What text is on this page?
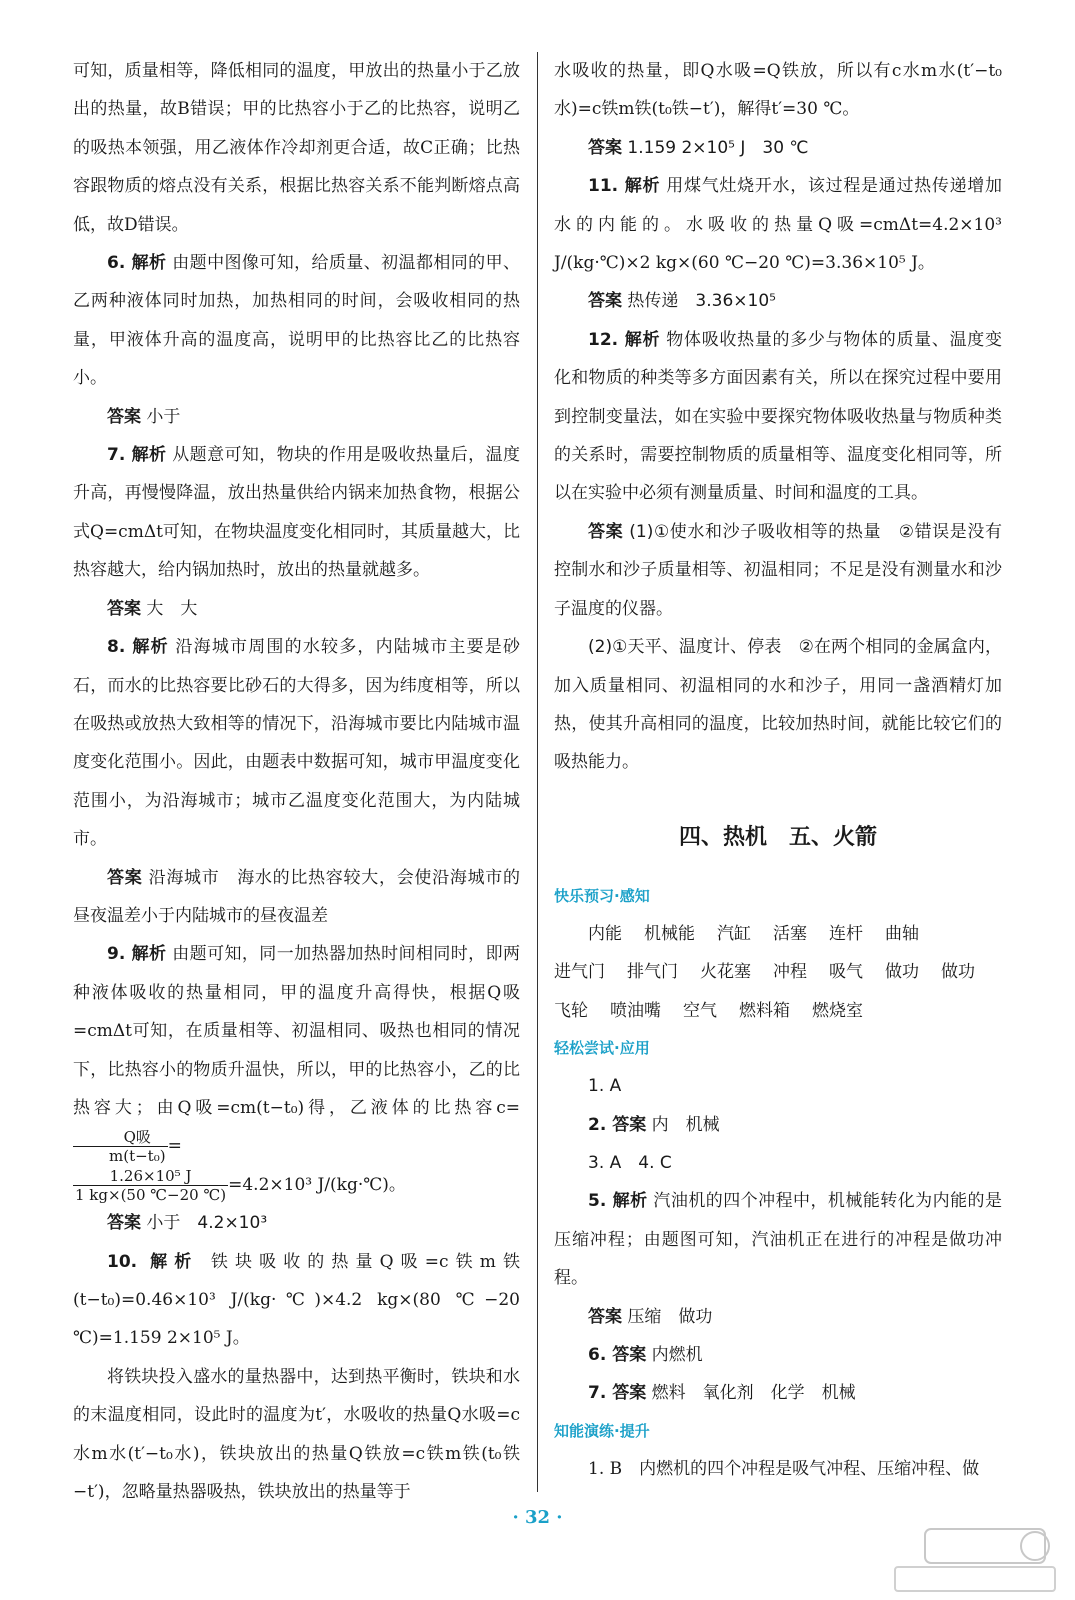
可知，质量相等，降低相同的温度，甲放出的热量小于乙放出的热量，故B错误；甲的比热容小于乙的比热容，说明乙的吸热本领强，用乙液体作冷却剂更合适，故C正确；比热容跟物质的熔点没有关系，根据比热容关系不能判断熔点高低，故D错误。

6. 解析 由题中图像可知，给质量、初温都相同的甲、乙两种液体同时加热，加热相同的时间，会吸收相同的热量，甲液体升高的温度高，说明甲的比热容比乙的比热容小。

答案 小于

7. 解析 从题意可知，物块的作用是吸收热量后，温度升高，再慢慢降温，放出热量供给内锅来加热食物，根据公式Q=cmΔt可知，在物块温度变化相同时，其质量越大，比热容越大，给内锅加热时，放出的热量就越多。

答案 大　大

8. 解析 沿海城市周围的水较多，内陆城市主要是砂石，而水的比热容要比砂石的大得多，因为纬度相等，所以在吸热或放热大致相等的情况下，沿海城市要比内陆城市温度变化范围小。因此，由题表中数据可知，城市甲温度变化范围小，为沿海城市；城市乙温度变化范围大，为内陆城市。

答案 沿海城市　海水的比热容较大，会使沿海城市的昼夜温差小于内陆城市的昼夜温差

9. 解析 由题可知，同一加热器加热时间相同时，即两种液体吸收的热量相同，甲的温度升高得快，根据Q吸=cmΔt可知，在质量相等、初温相同、吸热也相同的情况下，比热容小的物质升温快，所以，甲的比热容小，乙的比热容大；由Q吸=cm(t−t₀)得，乙液体的比热容c=
$\frac{\text{Q吸}}{\text{m(t−t₀)}}$ =

$\frac{\text{1.26×10⁵ J}}{1 kg\times(50 ℃-20 ℃)} =4.2\times 10^3$ J/(kg·℃)。

答案 小于　4.2×10³

10. 解析 铁块吸收的热量Q吸=c铁m铁(t−t₀)=0.46×10³ J/(kg·℃)×4.2 kg×(80 ℃−20 ℃)=1.159 2×10⁵ J。

将铁块投入盛水的量热器中，达到热平衡时，铁块和水的末温度相同，设此时的温度为t′，水吸收的热量Q水吸=c水m水(t′−t₀水)，铁块放出的热量Q铁放=c铁m铁(t₀铁−t′)，忽略量热器吸热，铁块放出的热量等于

水吸收的热量，即Q水吸=Q铁放，所以有c水m水(t′−t₀水)=c铁m铁(t₀铁−t′)，解得t′=30 ℃。

答案 1.159 2×10⁵ J　30 ℃

11. 解析 用煤气灶烧开水，该过程是通过热传递增加水的内能的。水吸收的热量Q吸=cmΔt=4.2×10³ J/(kg·℃)×2 kg×(60 ℃−20 ℃)=3.36×10⁵ J。

答案 热传递　3.36×10⁵

12. 解析 物体吸收热量的多少与物体的质量、温度变化和物质的种类等多方面因素有关，所以在探究过程中要用到控制变量法，如在实验中要探究物体吸收热量与物质种类的关系时，需要控制物质的质量相等、温度变化相同等，所以在实验中必须有测量质量、时间和温度的工具。

答案 (1)①使水和沙子吸收相等的热量　②错误是没有控制水和沙子质量相等、初温相同；不足是没有测量水和沙子温度的仪器。

(2)①天平、温度计、停表　②在两个相同的金属盒内，加入质量相同、初温相同的水和沙子，用同一盏酒精灯加热，使其升高相同的温度，比较加热时间，就能比较它们的吸热能力。

四、热机　五、火箭

快乐预习·感知

内能 机械能 汽缸 活塞 连杆 曲轴
进气门 排气门 火花塞 冲程 吸气 做功 做功
飞轮 喷油嘴 空气 燃料箱 燃烧室

轻松尝试·应用

1. A

2. 答案 内　机械

3. A　4. C

5. 解析 汽油机的四个冲程中，机械能转化为内能的是压缩冲程；由题图可知，汽油机正在进行的冲程是做功冲程。

答案 压缩　做功

6. 答案 内燃机

7. 答案 燃料　氧化剂　化学　机械

知能演练·提升

1. B　内燃机的四个冲程是吸气冲程、压缩冲程、做

· 32 ·
